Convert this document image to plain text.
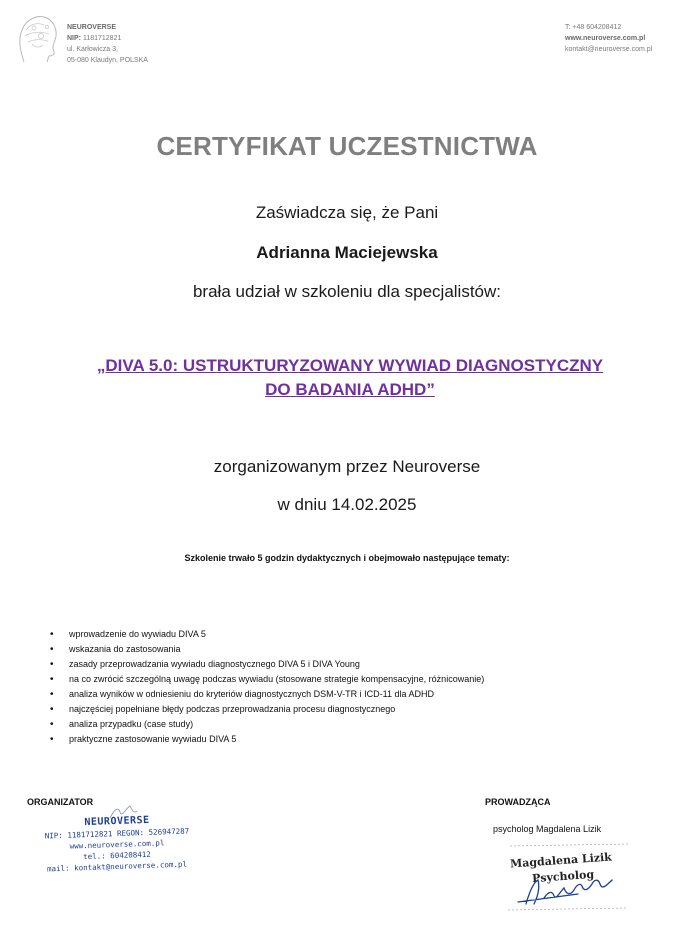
NEUROVERSE
NIP: 1181712821
ul. Karłowicza 3,
05-080 Klaudyn, POLSKA
T: +48 604208412
www.neuroverse.com.pl
kontakt@neuroverse.com.pl
CERTYFIKAT UCZESTNICTWA
Zaświadcza się, że Pani
Adrianna Maciejewska
brała udział w szkoleniu dla specjalistów:
„DIVA 5.0: USTRUKTURYZOWANY WYWIAD DIAGNOSTYCZNY
DO BADANIA ADHD”
zorganizowanym przez Neuroverse
w dniu 14.02.2025
Szkolenie trwało 5 godzin dydaktycznych i obejmowało następujące tematy:
• wprowadzenie do wywiadu DIVA 5
• wskazania do zastosowania
• zasady przeprowadzania wywiadu diagnostycznego DIVA 5 i DIVA Young
• na co zwrócić szczególną uwagę podczas wywiadu (stosowane strategie kompensacyjne, różnicowanie)
• analiza wyników w odniesieniu do kryteriów diagnostycznych DSM-V-TR i ICD-11 dla ADHD
• najczęściej popełniane błędy podczas przeprowadzania procesu diagnostycznego
• analiza przypadku (case study)
• praktyczne zastosowanie wywiadu DIVA 5
ORGANIZATOR	PROWADZĄCA
psycholog Magdalena Lizik
NEUROVERSE
NIP: 1181712821 REGON: 526947287
www.neuroverse.com.pl
tel.: 604208412
mail: kontakt@neuroverse.com.pl	Magdalena Lizik
Psycholog
